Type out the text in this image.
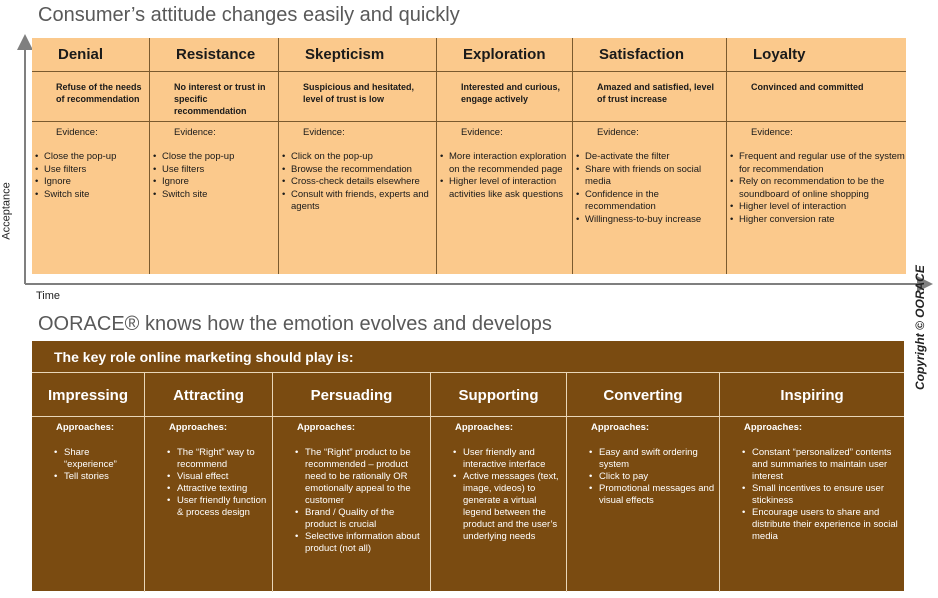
Consumer’s attitude changes easily and quickly
Acceptance
Time	Copyright © OORACE
Denial
Refuse of the needs of recommendation
Evidence:
• Close the pop-up
• Use filters
• Ignore
• Switch site
Resistance
No interest or trust in specific recommendation
Evidence:
• Close the pop-up
• Use filters
• Ignore
• Switch site
Skepticism
Suspicious and hesitated, level of trust is low
Evidence:
• Click on the pop-up
• Browse the recommendation
• Cross-check details elsewhere
• Consult with friends, experts and agents
Exploration
Interested and curious, engage actively
Evidence:
• More interaction exploration on the recommended page
• Higher level of interaction activities like ask questions
Satisfaction
Amazed and satisfied, level of trust increase
Evidence:
• De-activate the filter
• Share with friends on social media
• Confidence in the recommendation
• Willingness-to-buy increase
Loyalty
Convinced and committed
Evidence:
• Frequent and regular use of the system for recommendation
• Rely on recommendation to be the soundboard of online shopping
• Higher level of interaction
• Higher conversion rate
OORACE® knows how the emotion evolves and develops
The key role online marketing should play is:
Impressing
Approaches:
• Share “experience”
• Tell stories
Attracting
Approaches:
• The “Right” way to recommend
• Visual effect
• Attractive texting
• User friendly function & process design
Persuading
Approaches:
• The “Right” product to be recommended – product need to be rationally OR emotionally appeal to the customer
• Brand / Quality of the product is crucial
• Selective information about product (not all)
Supporting
Approaches:
• User friendly and interactive interface
• Active messages (text, image, videos) to generate a virtual legend between the product and the user’s underlying needs
Converting
Approaches:
• Easy and swift ordering system
• Click to pay
• Promotional messages and visual effects
Inspiring
Approaches:
• Constant “personalized” contents and summaries to maintain user interest
• Small incentives to ensure user stickiness
• Encourage users to share and distribute their experience in social media
